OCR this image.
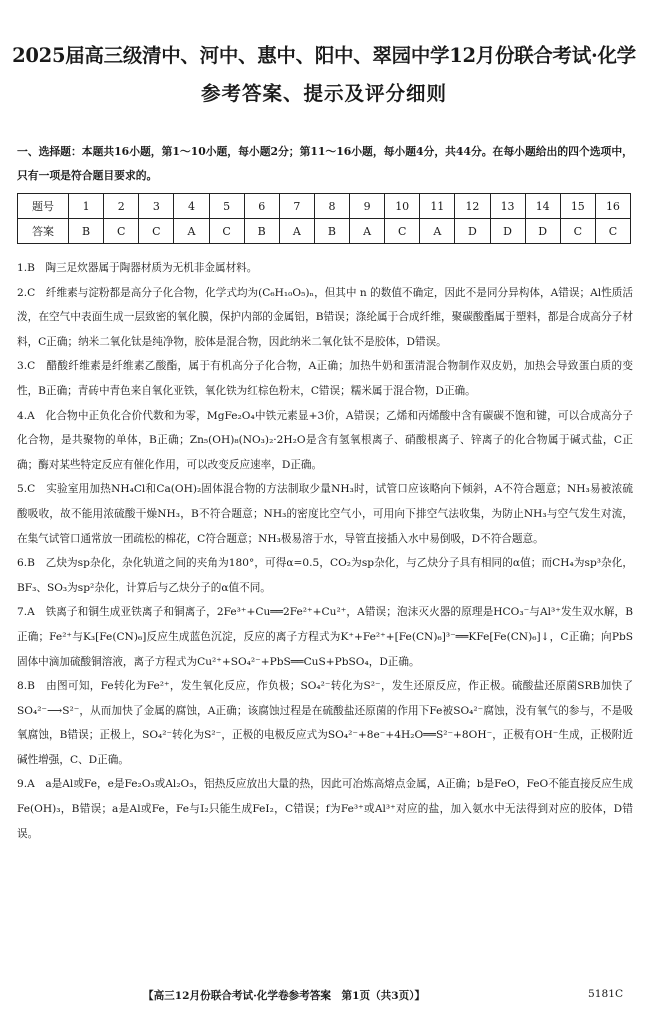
2025届高三级清中、河中、惠中、阳中、翠园中学12月份联合考试·化学
参考答案、提示及评分细则
一、选择题：本题共16小题，第1～10小题，每小题2分；第11～16小题，每小题4分，共44分。在每小题给出的四个选项中，只有一项是符合题目要求的。
题号	1	2	3	4	5	6	7	8	9	10	11	12	13	14	15	16
答案	B	C	C	A	C	B	A	B	A	C	A	D	D	D	C	C

1.B　陶三足炊器属于陶器材质为无机非金属材料。

2.C　纤维素与淀粉都是高分子化合物，化学式均为(C₆H₁₀O₅)ₙ，但其中 n 的数值不确定，因此不是同分异构体，A错误；Al性质活泼，在空气中表面生成一层致密的氧化膜，保护内部的金属铝，B错误；涤纶属于合成纤维，聚碳酸酯属于塑料，都是合成高分子材料，C正确；纳米二氧化钛是纯净物，胶体是混合物，因此纳米二氧化钛不是胶体，D错误。

3.C　醋酸纤维素是纤维素乙酸酯，属于有机高分子化合物，A正确；加热牛奶和蛋清混合物制作双皮奶，加热会导致蛋白质的变性，B正确；青砖中青色来自氧化亚铁，氧化铁为红棕色粉末，C错误；糯米属于混合物，D正确。

4.A　化合物中正负化合价代数和为零，MgFe₂O₄中铁元素显+3价，A错误；乙烯和丙烯酸中含有碳碳不饱和键，可以合成高分子化合物，是共聚物的单体，B正确；Zn₅(OH)₈(NO₃)₂·2H₂O是含有氢氧根离子、硝酸根离子、锌离子的化合物属于碱式盐，C正确；酶对某些特定反应有催化作用，可以改变反应速率，D正确。

5.C　实验室用加热NH₄Cl和Ca(OH)₂固体混合物的方法制取少量NH₃时，试管口应该略向下倾斜，A不符合题意；NH₃易被浓硫酸吸收，故不能用浓硫酸干燥NH₃，B不符合题意；NH₃的密度比空气小，可用向下排空气法收集，为防止NH₃与空气发生对流，在集气试管口通常放一团疏松的棉花，C符合题意；NH₃极易溶于水，导管直接插入水中易倒吸，D不符合题意。

6.B　乙炔为sp杂化，杂化轨道之间的夹角为180°，可得α=0.5，CO₂为sp杂化，与乙炔分子具有相同的α值；而CH₄为sp³杂化，BF₃、SO₃为sp²杂化，计算后与乙炔分子的α值不同。

7.A　铁离子和铜生成亚铁离子和铜离子，2Fe³⁺+Cu══2Fe²⁺+Cu²⁺，A错误；泡沫灭火器的原理是HCO₃⁻与Al³⁺发生双水解，B正确；Fe²⁺与K₃[Fe(CN)₆]反应生成蓝色沉淀，反应的离子方程式为K⁺+Fe²⁺+[Fe(CN)₆]³⁻══KFe[Fe(CN)₆]↓，C正确；向PbS固体中滴加硫酸铜溶液，离子方程式为Cu²⁺+SO₄²⁻+PbS══CuS+PbSO₄，D正确。

8.B　由图可知，Fe转化为Fe²⁺，发生氧化反应，作负极；SO₄²⁻转化为S²⁻，发生还原反应，作正极。硫酸盐还原菌SRB加快了SO₄²⁻⟶S²⁻，从而加快了金属的腐蚀，A正确；该腐蚀过程是在硫酸盐还原菌的作用下Fe被SO₄²⁻腐蚀，没有氧气的参与，不是吸氧腐蚀，B错误；正极上，SO₄²⁻转化为S²⁻，正极的电极反应式为SO₄²⁻+8e⁻+4H₂O══S²⁻+8OH⁻，正极有OH⁻生成，正极附近碱性增强，C、D正确。

9.A　a是Al或Fe，e是Fe₂O₃或Al₂O₃，铝热反应放出大量的热，因此可冶炼高熔点金属，A正确；b是FeO，FeO不能直接反应生成Fe(OH)₃，B错误；a是Al或Fe，Fe与I₂只能生成FeI₂，C错误；f为Fe³⁺或Al³⁺对应的盐，加入氨水中无法得到对应的胶体，D错误。

【高三12月份联合考试·化学卷参考答案　第1页（共3页）】	5181C
